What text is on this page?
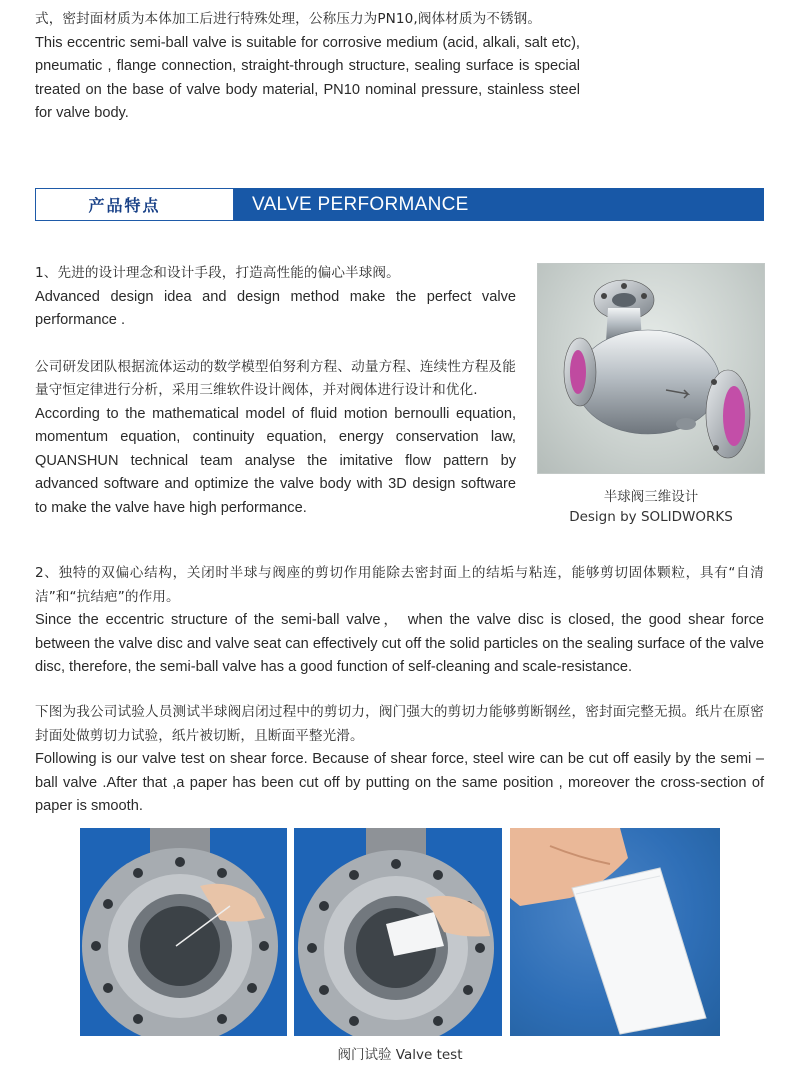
式，密封面材质为本体加工后进行特殊处理，公称压力为PN10,阀体材质为不锈钢。

This eccentric semi-ball valve is suitable for corrosive medium (acid, alkali, salt etc), pneumatic , flange connection, straight-through structure, sealing surface is special treated on the base of valve body material, PN10 nominal pressure, stainless steel for valve body.

产品特点	VALVE PERFORMANCE

1、先进的设计理念和设计手段，打造高性能的偏心半球阀。

Advanced design idea and design method make the perfect valve performance .

公司研发团队根据流体运动的数学模型伯努利方程、动量方程、连续性方程及能量守恒定律进行分析，采用三维软件设计阀体，并对阀体进行设计和优化.

According to the mathematical model of fluid motion bernoulli equation, momentum equation, continuity equation, energy conservation law, QUANSHUN technical team analyse the imitative flow pattern by advanced software and optimize the valve body with 3D design software to make the valve have high performance.

半球阀三维设计
Design by SOLIDWORKS

2、独特的双偏心结构，关闭时半球与阀座的剪切作用能除去密封面上的结垢与粘连，能够剪切固体颗粒，具有“自清洁”和“抗结疤”的作用。

Since the eccentric structure of the semi-ball valve， when the valve disc is closed, the good shear force between the valve disc and valve seat can effectively cut off the solid particles on the sealing surface of the valve disc, therefore, the semi-ball valve has a good function of self-cleaning and scale-resistance.

下图为我公司试验人员测试半球阀启闭过程中的剪切力，阀门强大的剪切力能够剪断钢丝，密封面完整无损。纸片在原密封面处做剪切力试验，纸片被切断，且断面平整光滑。

Following is our valve test on shear force. Because of shear force, steel wire can be cut off easily by the semi –ball valve .After that ,a paper has been cut off by putting on the same position , moreover the cross-section of paper is smooth.

阀门试验 Valve test
